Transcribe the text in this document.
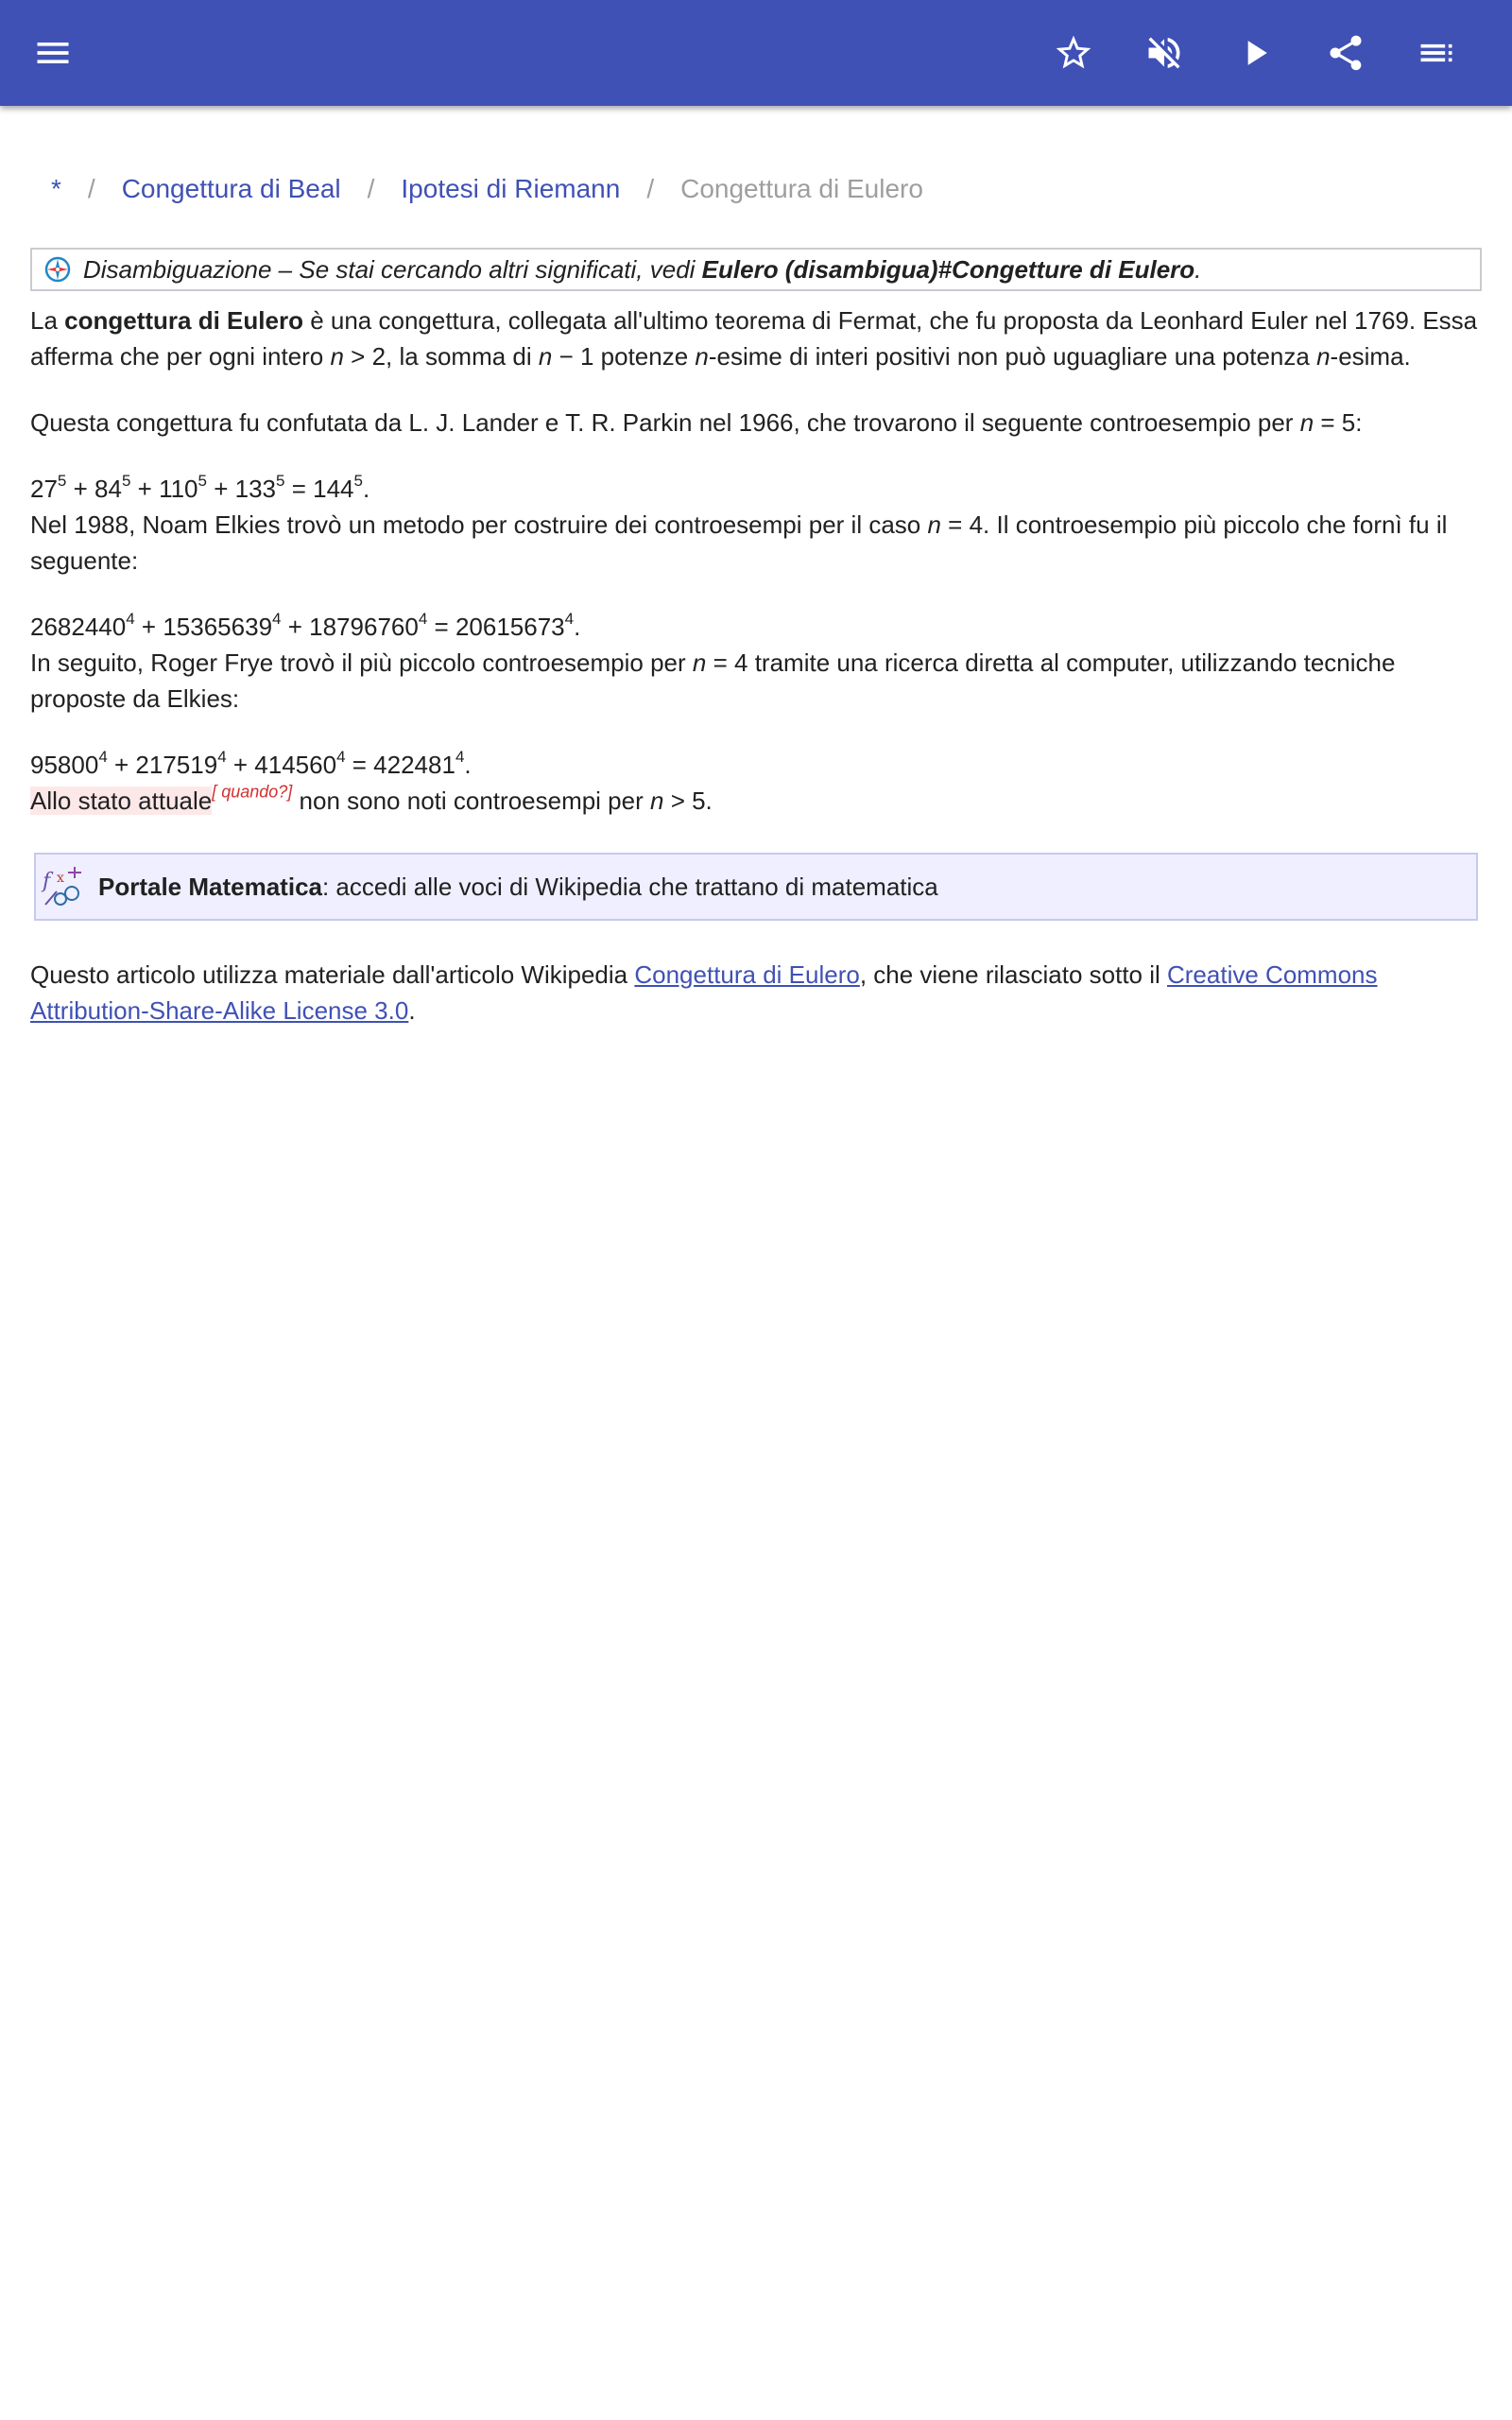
* / Congettura di Beal / Ipotesi di Riemann / Congettura di Eulero
Disambiguazione – Se stai cercando altri significati, vedi Eulero (disambigua)#Congetture di Eulero.

La congettura di Eulero è una congettura, collegata all'ultimo teorema di Fermat, che fu proposta da Leonhard Euler nel 1769. Essa afferma che per ogni intero n > 2, la somma di n − 1 potenze n-esime di interi positivi non può uguagliare una potenza n-esima.

Questa congettura fu confutata da L. J. Lander e T. R. Parkin nel 1966, che trovarono il seguente controesempio per n = 5:

$27^5 + 84^5 + 110^5 + 133^5 = 144^5$.

Nel 1988, Noam Elkies trovò un metodo per costruire dei controesempi per il caso n = 4. Il controesempio più piccolo che fornì fu il seguente:

$2682440^4 + 15365639^4 + 18796760^4 = 20615673^4$.

In seguito, Roger Frye trovò il più piccolo controesempio per n = 4 tramite una ricerca diretta al computer, utilizzando tecniche proposte da Elkies:

$95800^4 + 217519^4 + 414560^4 = 422481^4$.

Allo stato attuale[ quando?] non sono noti controesempi per n > 5.

f x Portale Matematica : accedi alle voci di Wikipedia che trattano di matematica

Questo articolo utilizza materiale dall'articolo Wikipedia Congettura di Eulero, che viene rilasciato sotto il Creative Commons Attribution-Share-Alike License 3.0.
